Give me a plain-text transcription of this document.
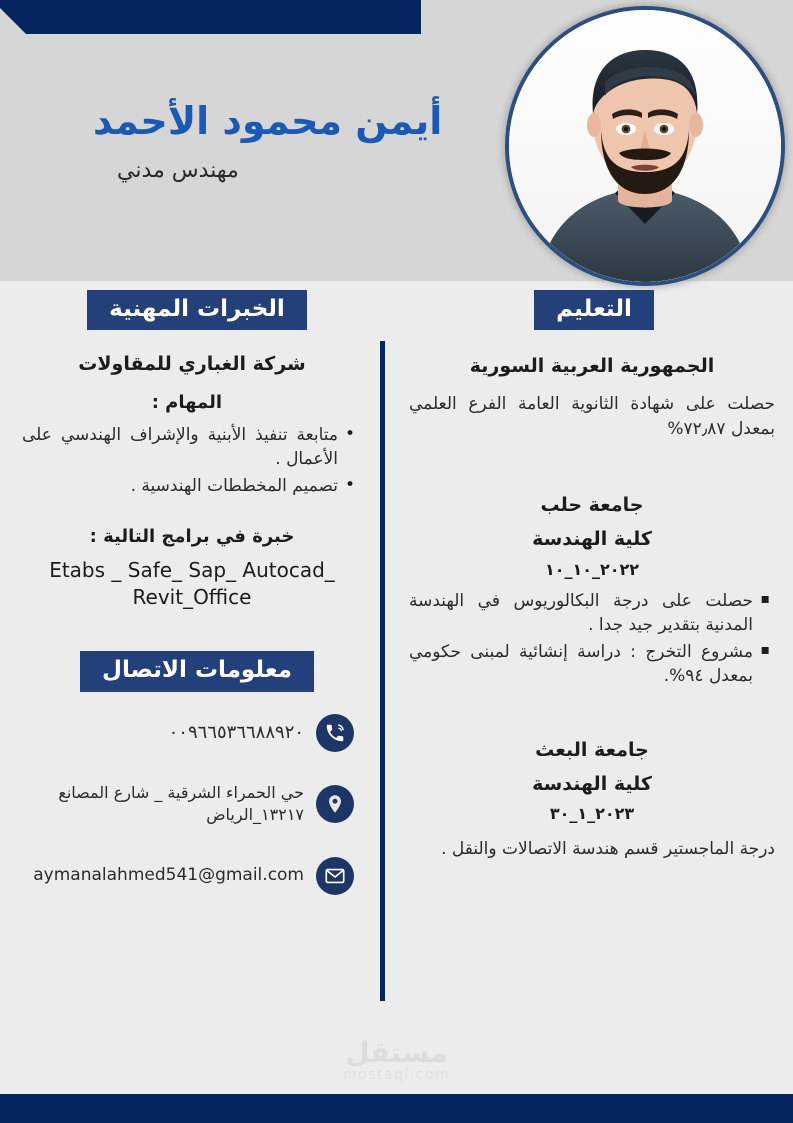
أيمن محمود الأحمد
مهندس مدني
الخبرات المهنية
شركة الغباري للمقاولات
المهام :
• متابعة تنفيذ الأبنية والإشراف الهندسي على الأعمال .
• تصميم المخططات الهندسية .
خبرة في برامج التالية :
Etabs _ Safe_ Sap_ Autocad_
Revit_Office
معلومات الاتصال
٠٠٩٦٦٥٣٦٦٨٨٩٢٠
حي الحمراء الشرقية _ شارع المصانع ١٣٢١٧_الرياض
aymanalahmed541@gmail.com
التعليم
الجمهورية العربية السورية
حصلت على شهادة الثانوية العامة الفرع العلمي بمعدل ٧٢٫٨٧%
جامعة حلب
كلية الهندسة
٢٠٢٢_١٠_١٠
▪ حصلت على درجة البكالوريوس في الهندسة المدنية بتقدير جيد جدا .
▪ مشروع التخرج : دراسة إنشائية لمبنى حكومي بمعدل ٩٤%.
جامعة البعث
كلية الهندسة
٢٠٢٣_١_٣٠
درجة الماجستير قسم هندسة الاتصالات والنقل .
مستقل
mostaql.com
